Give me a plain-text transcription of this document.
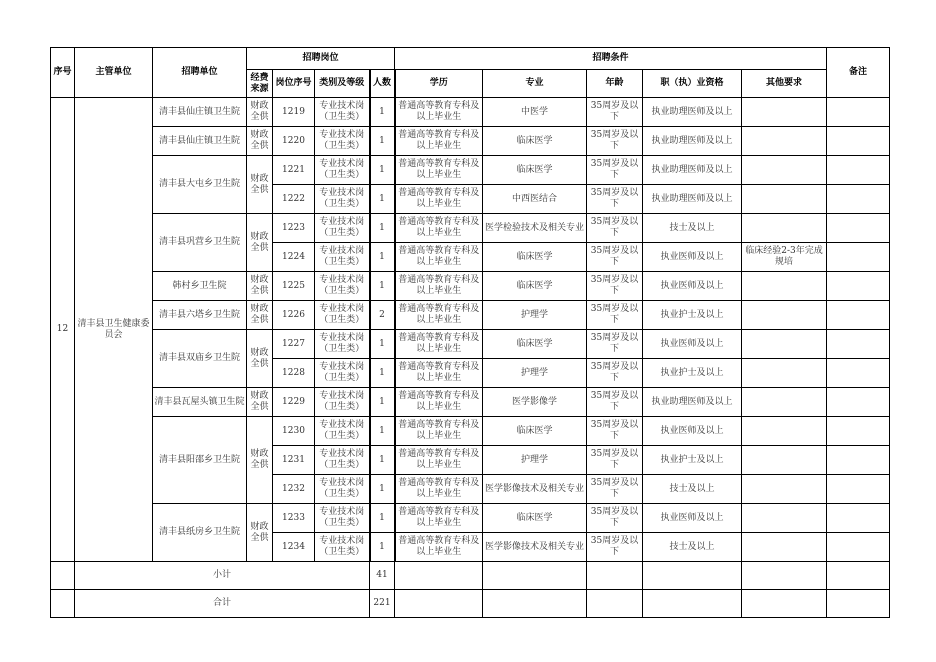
序号	主管单位	招聘单位	招聘岗位				招聘条件					备注
			经费来源	岗位序号	类别及等级	人数	学历	专业	年龄	职（执）业资格	其他要求	
12	清丰县卫生健康委员会	清丰县仙庄镇卫生院	财政全供	1219	专业技术岗（卫生类）	1	普通高等教育专科及以上毕业生	中医学	35周岁及以下	执业助理医师及以上		
		清丰县仙庄镇卫生院	财政全供	1220	专业技术岗（卫生类）	1	普通高等教育专科及以上毕业生	临床医学	35周岁及以下	执业助理医师及以上		
		清丰县大屯乡卫生院	财政全供	1221	专业技术岗（卫生类）	1	普通高等教育专科及以上毕业生	临床医学	35周岁及以下	执业助理医师及以上		
				1222	专业技术岗（卫生类）	1	普通高等教育专科及以上毕业生	中西医结合	35周岁及以下	执业助理医师及以上		
		清丰县巩营乡卫生院	财政全供	1223	专业技术岗（卫生类）	1	普通高等教育专科及以上毕业生	医学检验技术及相关专业	35周岁及以下	技士及以上		
				1224	专业技术岗（卫生类）	1	普通高等教育专科及以上毕业生	临床医学	35周岁及以下	执业医师及以上	临床经验2-3年完成规培	
		韩村乡卫生院	财政全供	1225	专业技术岗（卫生类）	1	普通高等教育专科及以上毕业生	临床医学	35周岁及以下	执业医师及以上		
		清丰县六塔乡卫生院	财政全供	1226	专业技术岗（卫生类）	2	普通高等教育专科及以上毕业生	护理学	35周岁及以下	执业护士及以上		
		清丰县双庙乡卫生院	财政全供	1227	专业技术岗（卫生类）	1	普通高等教育专科及以上毕业生	临床医学	35周岁及以下	执业医师及以上		
				1228	专业技术岗（卫生类）	1	普通高等教育专科及以上毕业生	护理学	35周岁及以下	执业护士及以上		
		清丰县瓦屋头镇卫生院	财政全供	1229	专业技术岗（卫生类）	1	普通高等教育专科及以上毕业生	医学影像学	35周岁及以下	执业助理医师及以上		
		清丰县阳邵乡卫生院	财政全供	1230	专业技术岗（卫生类）	1	普通高等教育专科及以上毕业生	临床医学	35周岁及以下	执业医师及以上		
				1231	专业技术岗（卫生类）	1	普通高等教育专科及以上毕业生	护理学	35周岁及以下	执业护士及以上		
				1232	专业技术岗（卫生类）	1	普通高等教育专科及以上毕业生	医学影像技术及相关专业	35周岁及以下	技士及以上		
		清丰县纸房乡卫生院	财政全供	1233	专业技术岗（卫生类）	1	普通高等教育专科及以上毕业生	临床医学	35周岁及以下	执业医师及以上		
				1234	专业技术岗（卫生类）	1	普通高等教育专科及以上毕业生	医学影像技术及相关专业	35周岁及以下	技士及以上		
	小计					41						
	合计					221						
